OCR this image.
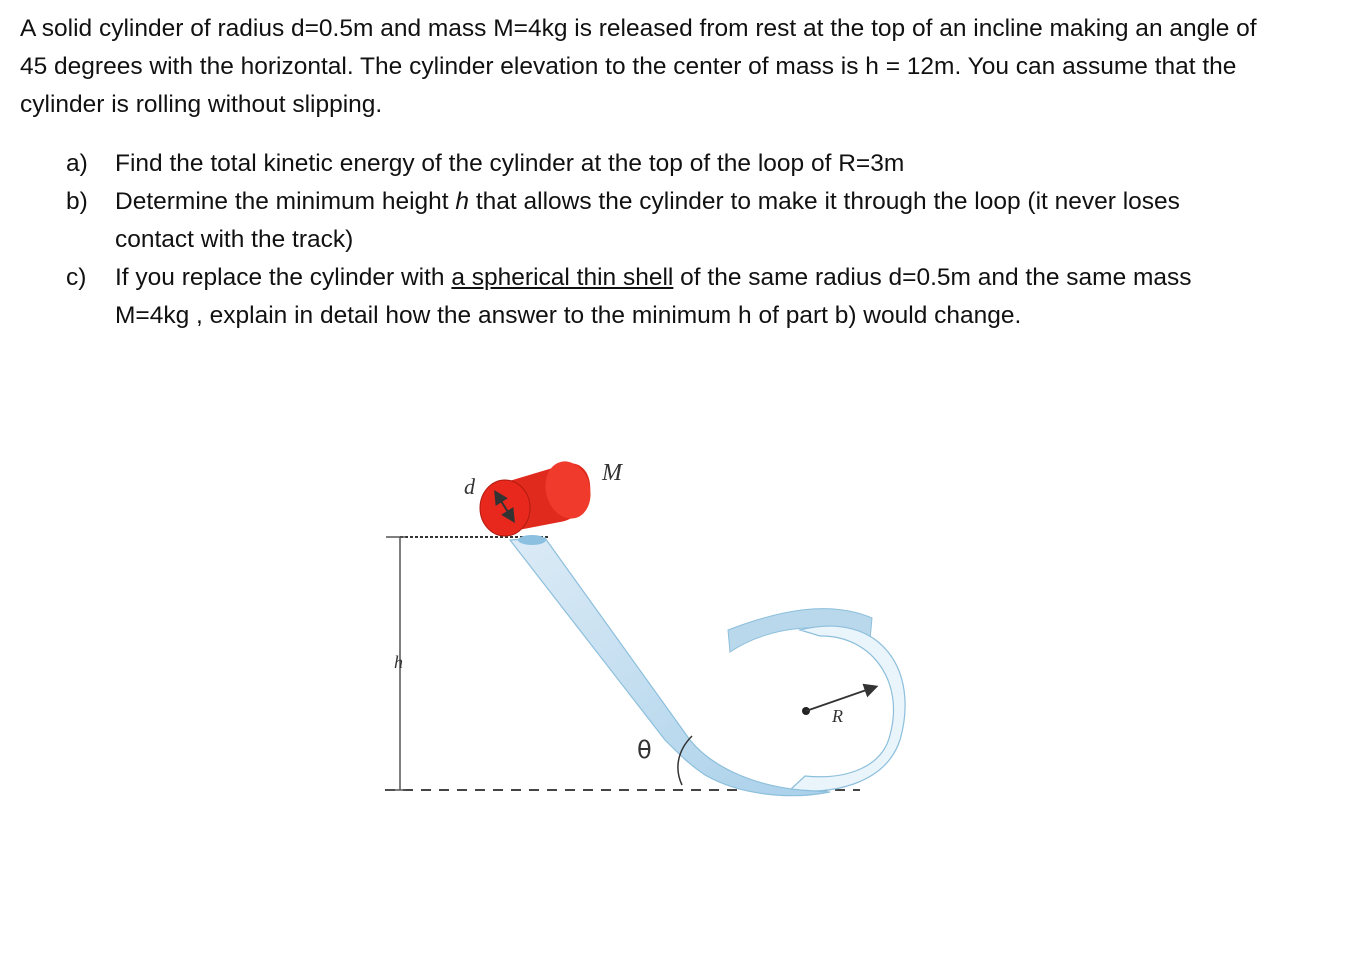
A solid cylinder of radius d=0.5m and mass M=4kg is released from rest at the top of an incline making an angle of 45 degrees with the horizontal. The cylinder elevation to the center of mass is h = 12m. You can assume that the cylinder is rolling without slipping.

a)	Find the total kinetic energy of the cylinder at the top of the loop of R=3m
b)	Determine the minimum height h that allows the cylinder to make it through the loop (it never loses contact with the track)
c)	If you replace the cylinder with a spherical thin shell of the same radius d=0.5m and the same mass M=4kg , explain in detail how the answer to the minimum h of part b) would change.
d
M
h
θ
R
